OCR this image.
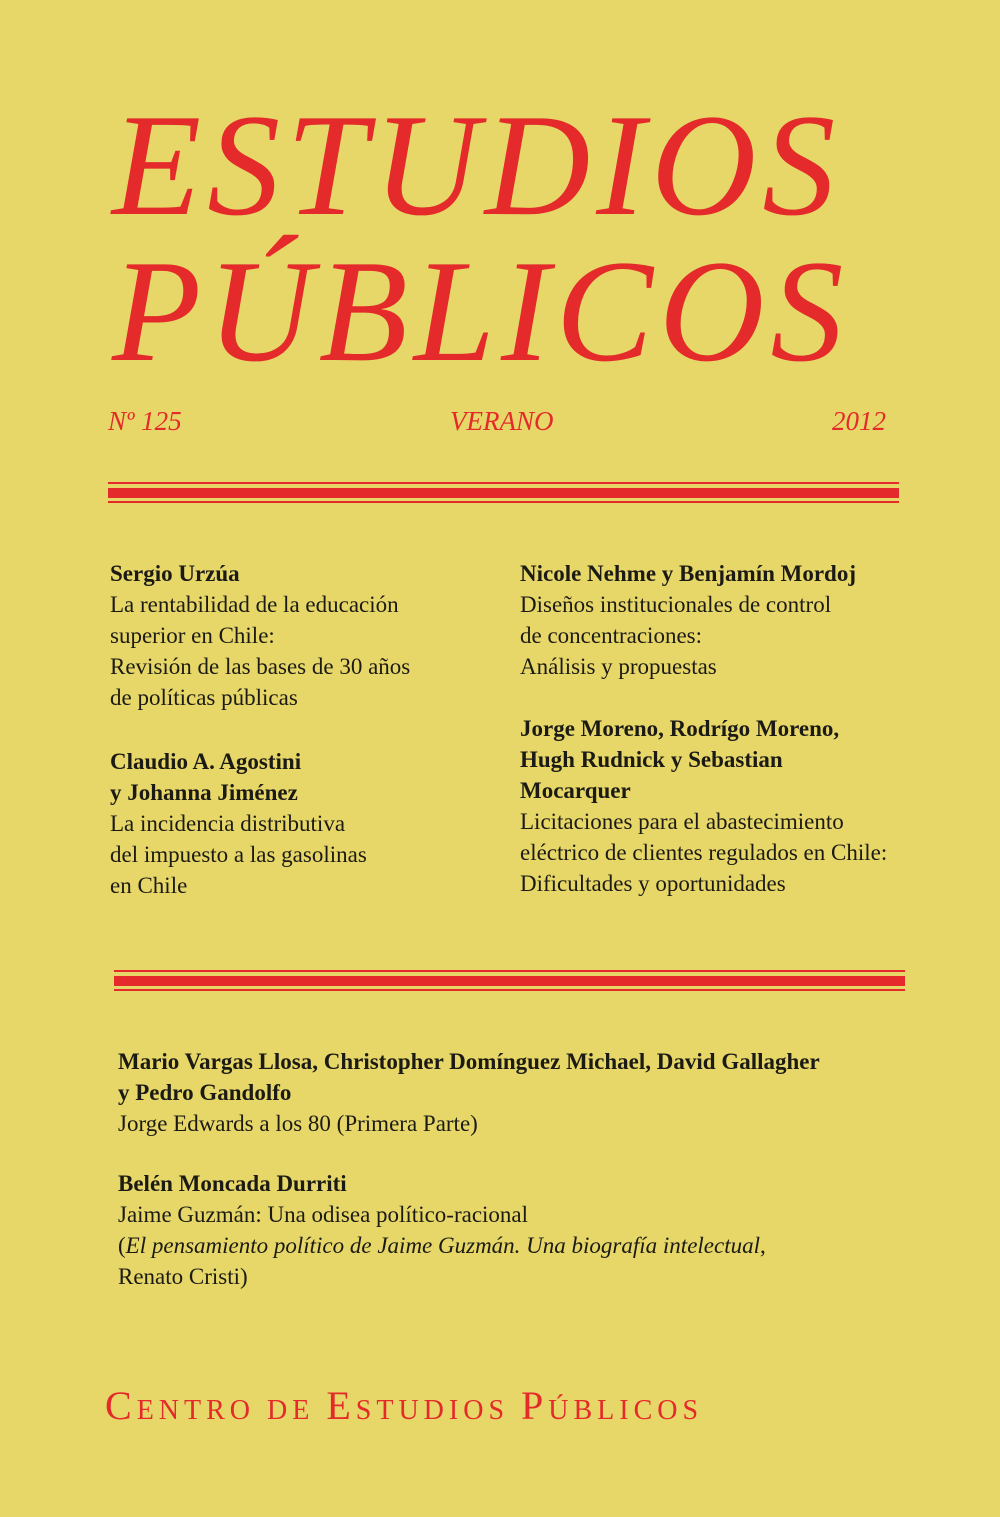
ESTUDIOS
PÚBLICOS
Nº 125	VERANO	2012
Sergio Urzúa
La rentabilidad de la educación
superior en Chile:
Revisión de las bases de 30 años
de políticas públicas
Claudio A. Agostini
y Johanna Jiménez
La incidencia distributiva
del impuesto a las gasolinas
en Chile
Nicole Nehme y Benjamín Mordoj
Diseños institucionales de control
de concentraciones:
Análisis y propuestas
Jorge Moreno, Rodrígo Moreno,
Hugh Rudnick y Sebastian
Mocarquer
Licitaciones para el abastecimiento
eléctrico de clientes regulados en Chile:
Dificultades y oportunidades
Mario Vargas Llosa, Christopher Domínguez Michael, David Gallagher
y Pedro Gandolfo
Jorge Edwards a los 80 (Primera Parte)
Belén Moncada Durriti
Jaime Guzmán: Una odisea político-racional
(El pensamiento político de Jaime Guzmán. Una biografía intelectual,
Renato Cristi)
CENTRO DE ESTUDIOS PÚBLICOS
